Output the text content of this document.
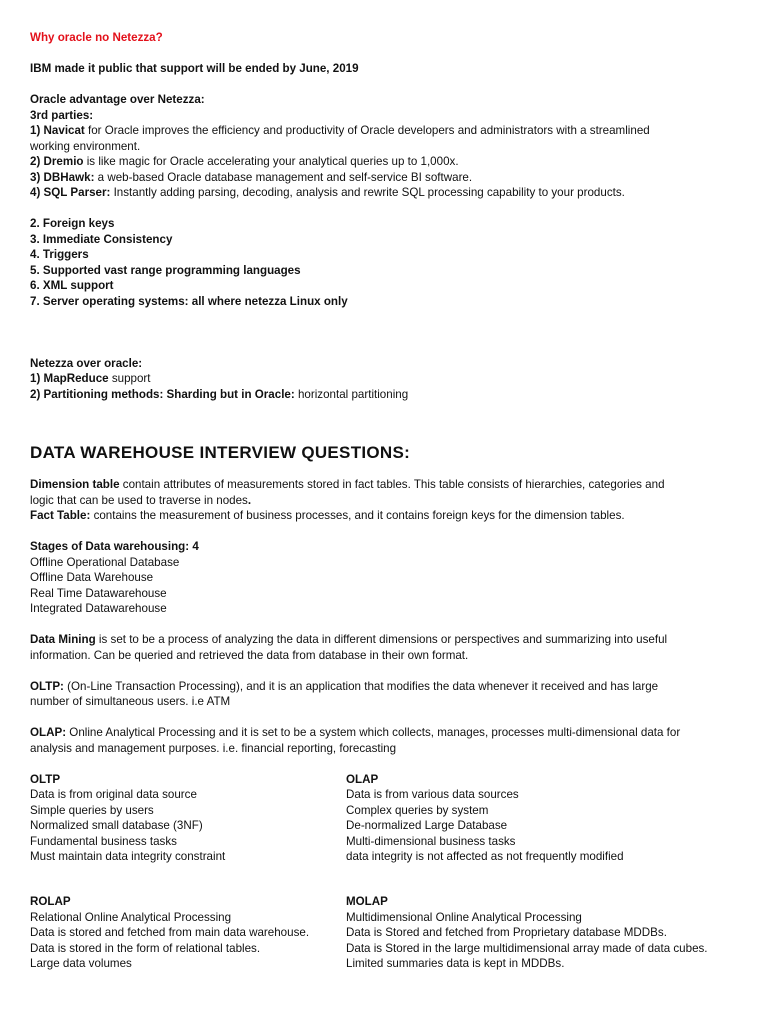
Why oracle no Netezza?
IBM made it public that support will be ended by June, 2019
Oracle advantage over Netezza:
3rd parties:
1) Navicat for Oracle improves the efficiency and productivity of Oracle developers and administrators with a streamlined
working environment.
2) Dremio is like magic for Oracle accelerating your analytical queries up to 1,000x.
3) DBHawk: a web-based Oracle database management and self-service BI software.
4) SQL Parser: Instantly adding parsing, decoding, analysis and rewrite SQL processing capability to your products.
2. Foreign keys
3. Immediate Consistency
4. Triggers
5. Supported vast range programming languages
6. XML support
7. Server operating systems: all where netezza Linux only
Netezza over oracle:
1) MapReduce support
2) Partitioning methods: Sharding but in Oracle: horizontal partitioning
DATA WAREHOUSE INTERVIEW QUESTIONS:
Dimension table contain attributes of measurements stored in fact tables. This table consists of hierarchies, categories and
logic that can be used to traverse in nodes.
Fact Table: contains the measurement of business processes, and it contains foreign keys for the dimension tables.
Stages of Data warehousing: 4
Offline Operational Database
Offline Data Warehouse
Real Time Datawarehouse
Integrated Datawarehouse
Data Mining is set to be a process of analyzing the data in different dimensions or perspectives and summarizing into useful
information. Can be queried and retrieved the data from database in their own format.
OLTP: (On-Line Transaction Processing), and it is an application that modifies the data whenever it received and has large
number of simultaneous users. i.e ATM
OLAP: Online Analytical Processing and it is set to be a system which collects, manages, processes multi-dimensional data for
analysis and management purposes. i.e. financial reporting, forecasting
OLTP
Data is from original data source
Simple queries by users
Normalized small database (3NF)
Fundamental business tasks
Must maintain data integrity constraint
OLAP
Data is from various data sources
Complex queries by system
De-normalized Large Database
Multi-dimensional business tasks
data integrity is not affected as not frequently modified
ROLAP
Relational Online Analytical Processing
Data is stored and fetched from main data warehouse.
Data is stored in the form of relational tables.
Large data volumes
MOLAP
Multidimensional Online Analytical Processing
Data is Stored and fetched from Proprietary database MDDBs.
Data is Stored in the large multidimensional array made of data cubes.
Limited summaries data is kept in MDDBs.
